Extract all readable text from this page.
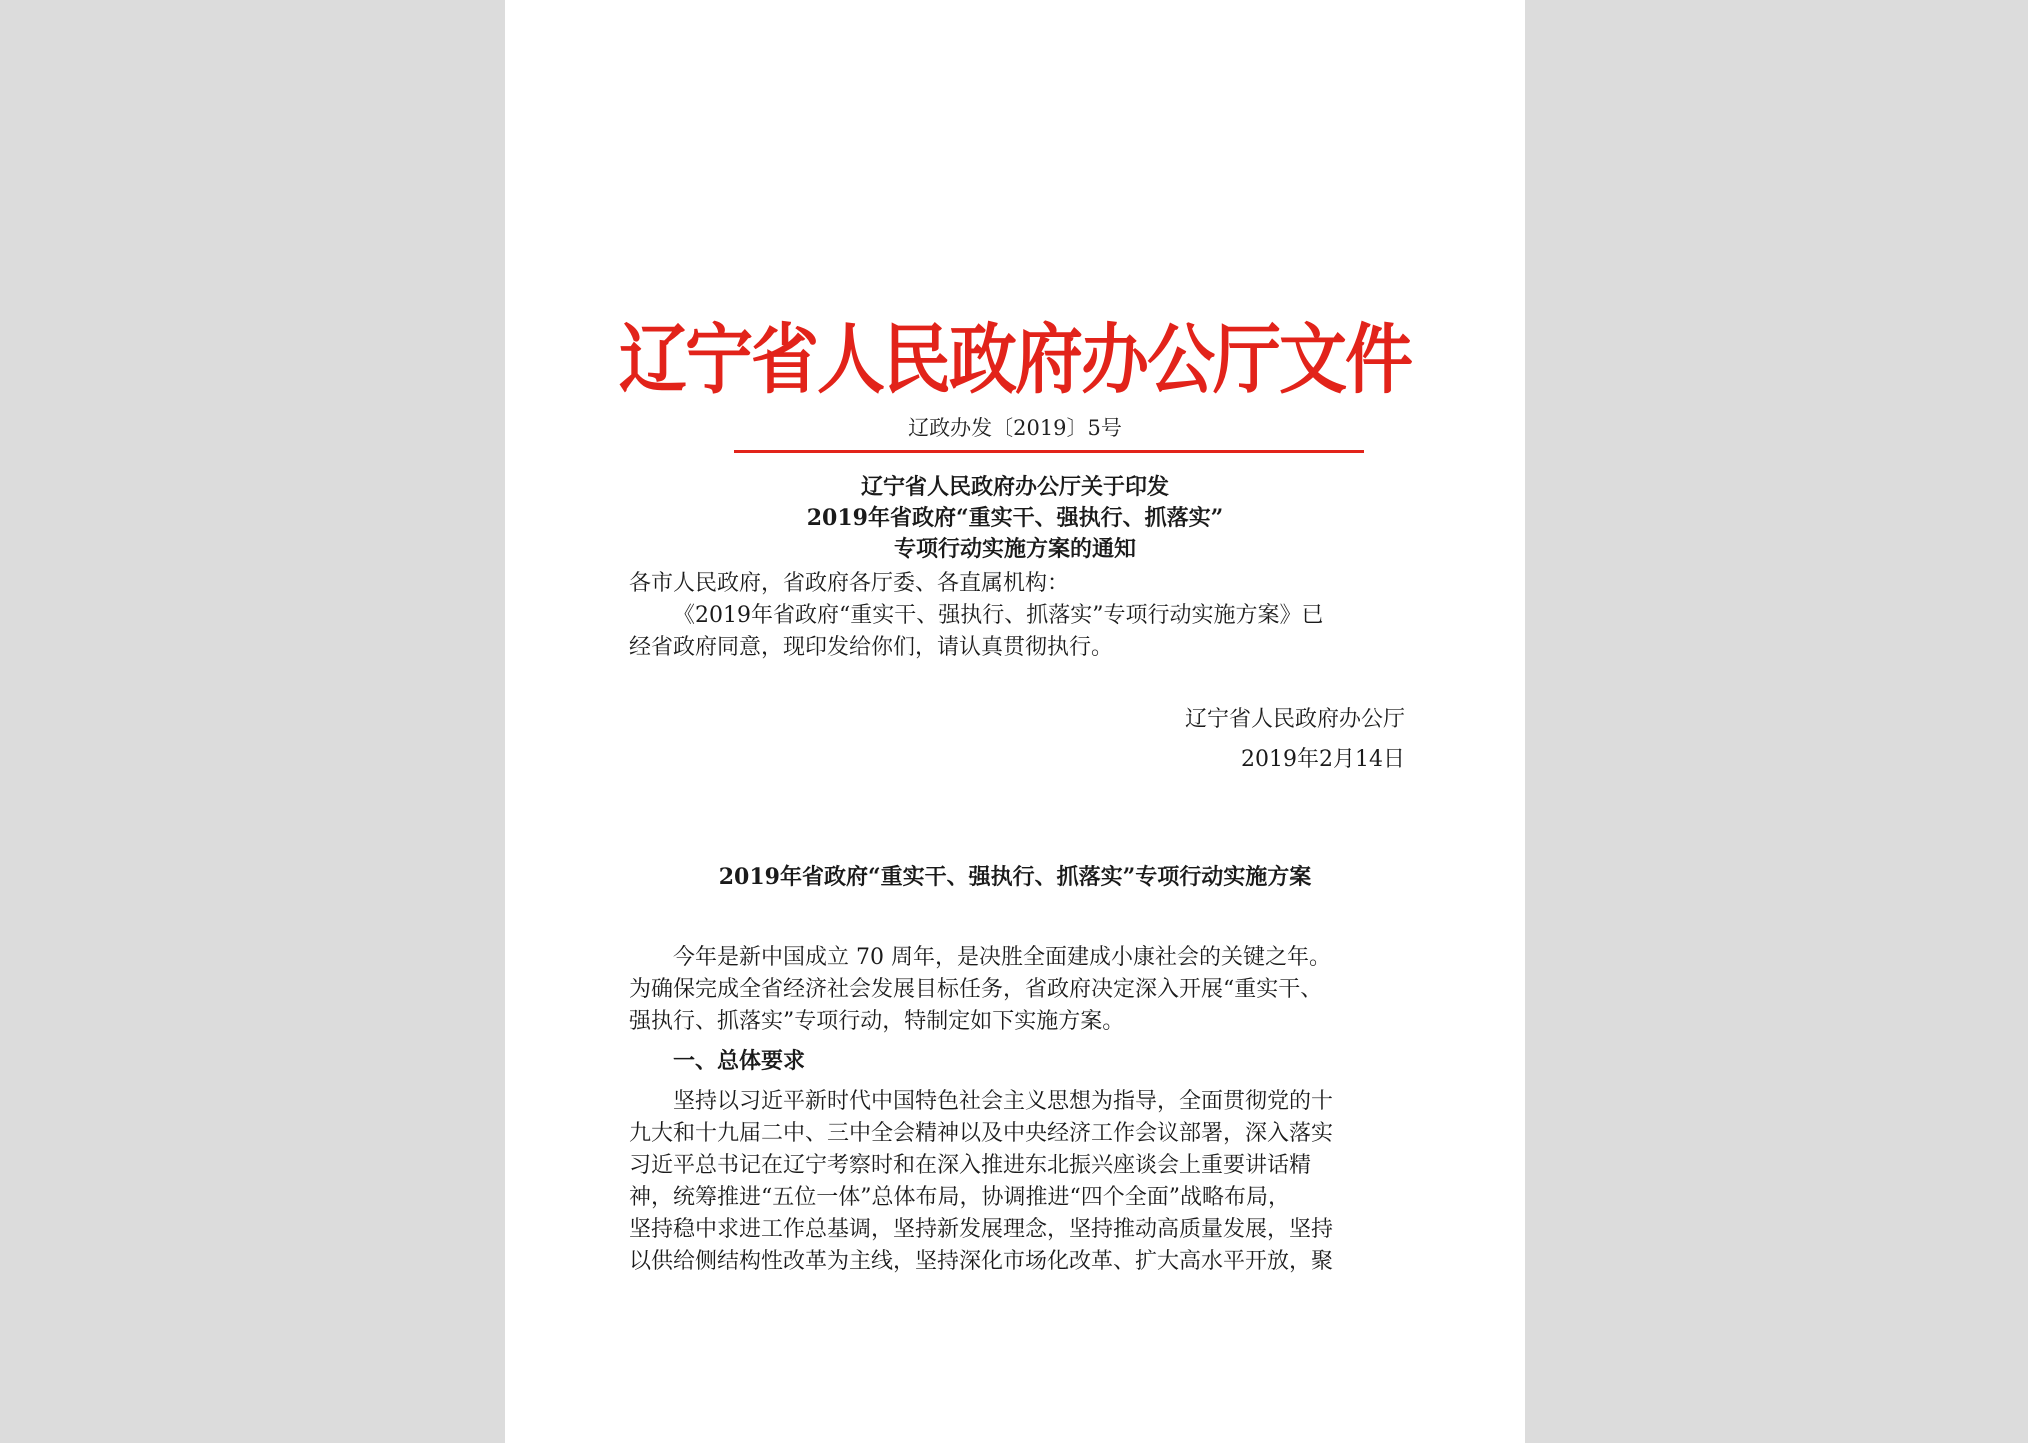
辽宁省人民政府办公厅文件
辽政办发〔2019〕5号
辽宁省人民政府办公厅关于印发
2019年省政府“重实干、强执行、抓落实”
专项行动实施方案的通知
各市人民政府，省政府各厅委、各直属机构：
《2019年省政府“重实干、强执行、抓落实”专项行动实施方案》已
经省政府同意，现印发给你们，请认真贯彻执行。
辽宁省人民政府办公厅
2019年2月14日
2019年省政府“重实干、强执行、抓落实”专项行动实施方案
今年是新中国成立 70 周年，是决胜全面建成小康社会的关键之年。
为确保完成全省经济社会发展目标任务，省政府决定深入开展“重实干、
强执行、抓落实”专项行动，特制定如下实施方案。
一、总体要求
坚持以习近平新时代中国特色社会主义思想为指导，全面贯彻党的十
九大和十九届二中、三中全会精神以及中央经济工作会议部署，深入落实
习近平总书记在辽宁考察时和在深入推进东北振兴座谈会上重要讲话精
神，统筹推进“五位一体”总体布局，协调推进“四个全面”战略布局，
坚持稳中求进工作总基调，坚持新发展理念，坚持推动高质量发展，坚持
以供给侧结构性改革为主线，坚持深化市场化改革、扩大高水平开放，聚
